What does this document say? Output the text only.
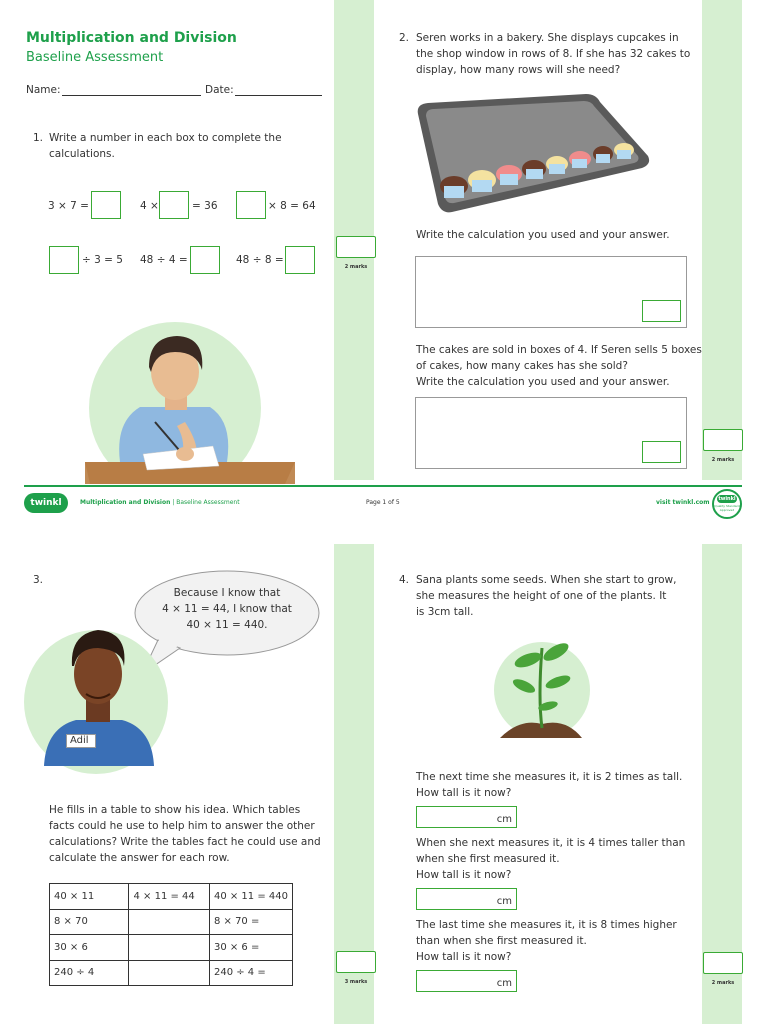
Multiplication and Division
Baseline Assessment
Name:	Date:
1. Write a number in each box to complete the
calculations.
3 × 7 =	4 ×	= 36	× 8 = 64
÷ 3 = 5 48 ÷ 4 =	48 ÷ 8 =
2 marks
2. Seren works in a bakery. She displays cupcakes in
the shop window in rows of 8. If she has 32 cakes to
display, how many rows will she need?
Write the calculation you used and your answer.
The cakes are sold in boxes of 4. If Seren sells 5 boxes
of cakes, how many cakes has she sold?
Write the calculation you used and your answer.
2 marks
twinkl	Multiplication and Division | Baseline Assessment	Page 1 of 5	visit twinkl.com twinkl
Quality Standard Approved
3.
Because I know that
4 × 11 = 44, I know that
40 × 11 = 440.
Adil
He fills in a table to show his idea. Which tables
facts could he use to help him to answer the other
calculations? Write the tables fact he could use and
calculate the answer for each row.
40 × 11	4 × 11 = 44	40 × 11 = 440
8 × 70		8 × 70 =
30 × 6		30 × 6 =
240 ÷ 4		240 ÷ 4 =
3 marks
4. Sana plants some seeds. When she start to grow,
she measures the height of one of the plants. It
is 3cm tall.
The next time she measures it, it is 2 times as tall.
How tall is it now?
cm
When she next measures it, it is 4 times taller than
when she first measured it.
How tall is it now?
cm
The last time she measures it, it is 8 times higher
than when she first measured it.
How tall is it now?
cm	2 marks
